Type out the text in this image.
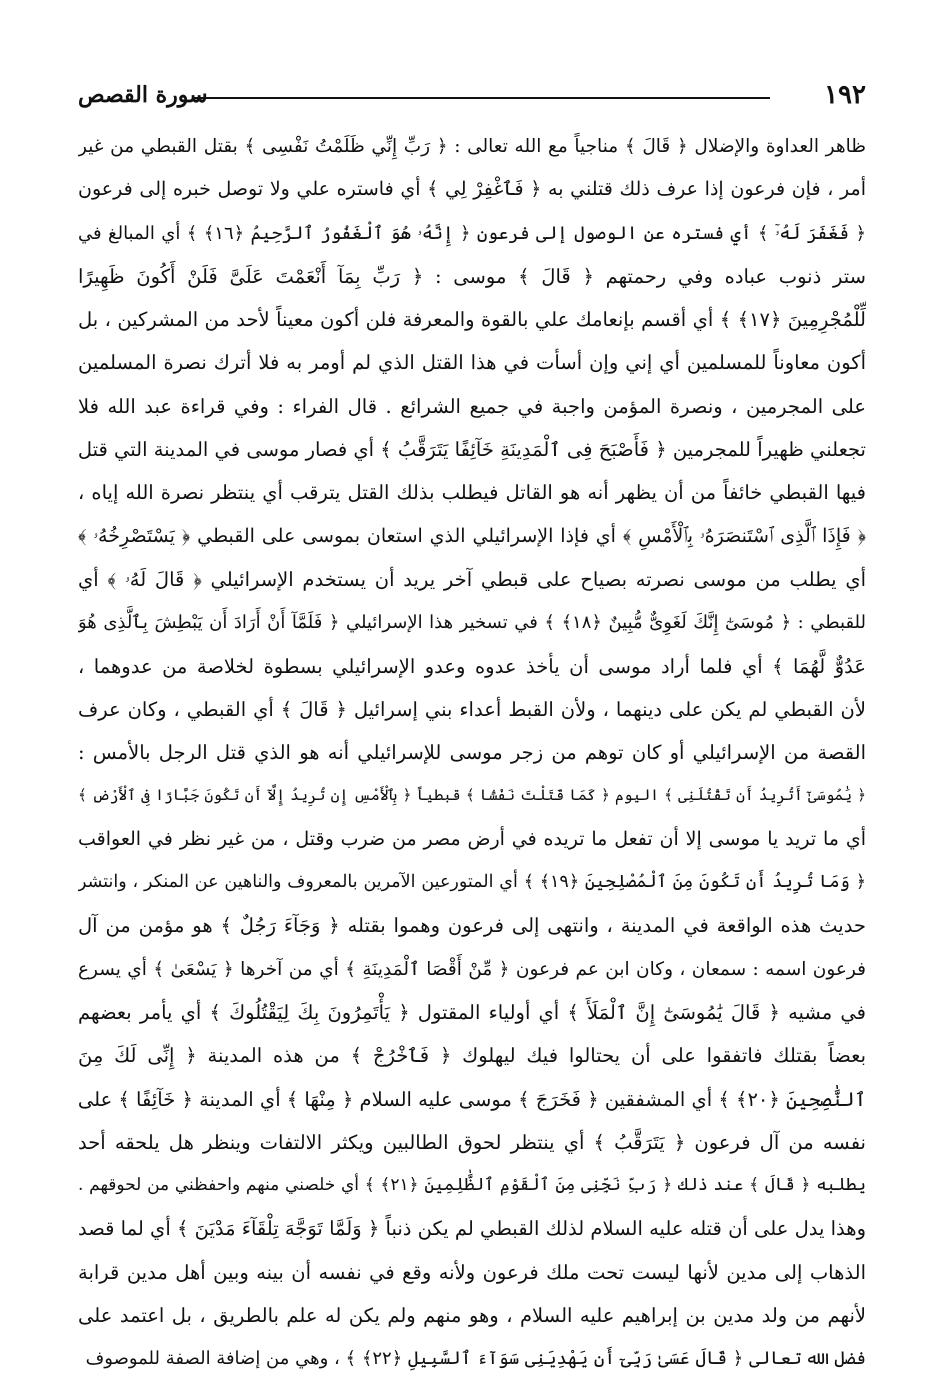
١٩٢
سورة القصص
ظاهر العداوة والإضلال ﴿ قَالَ ﴾ مناجياً مع الله تعالى : ﴿ رَبِّ إِنِّي ظَلَمْتُ نَفْسِى ﴾ بقتل القبطي من غير
أمر ، فإن فرعون إذا عرف ذلك قتلني به ﴿ فَٱغْفِرْ لِي ﴾ أي فاستره علي ولا توصل خبره إلى فرعون
﴿ فَغَفَرَ لَهُۥٓ ﴾ أي فستره عن الوصول إلى فرعون ﴿ إِنَّهُۥ هُوَ ٱلْغَفُورُ ٱلرَّحِيمُ ﴿١٦﴾ ﴾ أي المبالغ في
ستر ذنوب عباده وفي رحمتهم ﴿ قَالَ ﴾ موسى : ﴿ رَبِّ بِمَآ أَنْعَمْتَ عَلَىَّ فَلَنْ أَكُونَ ظَهِيرًا
لِّلْمُجْرِمِينَ ﴿١٧﴾ ﴾ أي أقسم بإنعامك علي بالقوة والمعرفة فلن أكون معيناً لأحد من المشركين ، بل
أكون معاوناً للمسلمين أي إني وإن أسأت في هذا القتل الذي لم أومر به فلا أترك نصرة المسلمين
على المجرمين ، ونصرة المؤمن واجبة في جميع الشرائع . قال الفراء : وفي قراءة عبد الله فلا
تجعلني ظهيراً للمجرمين ﴿ فَأَصْبَحَ فِى ٱلْمَدِينَةِ خَآئِفًا يَتَرَقَّبُ ﴾ أي فصار موسى في المدينة التي قتل
فيها القبطي خائفاً من أن يظهر أنه هو القاتل فيطلب بذلك القتل يترقب أي ينتظر نصرة الله إياه ،
﴿ فَإِذَا ٱلَّذِى ٱسْتَنصَرَهُۥ بِٱلْأَمْسِ ﴾ أي فإذا الإسرائيلي الذي استعان بموسى على القبطي ﴿ يَسْتَصْرِخُهُۥ ﴾
أي يطلب من موسى نصرته بصياح على قبطي آخر يريد أن يستخدم الإسرائيلي ﴿ قَالَ لَهُۥ ﴾ أي
للقبطي : ﴿ مُوسَىٰٓ إِنَّكَ لَغَوِىٌّ مُّبِينٌ ﴿١٨﴾ ﴾ في تسخير هذا الإسرائيلي ﴿ فَلَمَّآ أَنْ أَرَادَ أَن يَبْطِشَ بِٱلَّذِى هُوَ
عَدُوٌّ لَّهُمَا ﴾ أي فلما أراد موسى أن يأخذ عدوه وعدو الإسرائيلي بسطوة لخلاصة من عدوهما ،
لأن القبطي لم يكن على دينهما ، ولأن القبط أعداء بني إسرائيل ﴿ قَالَ ﴾ أي القبطي ، وكان عرف
القصة من الإسرائيلي أو كان توهم من زجر موسى للإسرائيلي أنه هو الذي قتل الرجل بالأمس :
﴿ يَٰمُوسَىٰٓ أَتُرِيدُ أَن تَقْتُلَنِى ﴾ اليوم ﴿ كَمَا قَتَلْتَ نَفْسًۢا ﴾ قبطياً ﴿ بِٱلْأَمْسِ إِن تُرِيدُ إِلَّآ أَن تَكُونَ جَبَّارًا فِى ٱلْأَرْضِ ﴾
أي ما تريد يا موسى إلا أن تفعل ما تريده في أرض مصر من ضرب وقتل ، من غير نظر في العواقب
﴿ وَمَا تُرِيدُ أَن تَكُونَ مِنَ ٱلْمُصْلِحِينَ ﴿١٩﴾ ﴾ أي المتورعين الآمرين بالمعروف والناهين عن المنكر ، وانتشر
حديث هذه الواقعة في المدينة ، وانتهى إلى فرعون وهموا بقتله ﴿ وَجَآءَ رَجُلٌ ﴾ هو مؤمن من آل
فرعون اسمه : سمعان ، وكان ابن عم فرعون ﴿ مِّنْ أَقْصَا ٱلْمَدِينَةِ ﴾ أي من آخرها ﴿ يَسْعَىٰ ﴾ أي يسرع
في مشيه ﴿ قَالَ يَٰمُوسَىٰٓ إِنَّ ٱلْمَلَأَ ﴾ أي أولياء المقتول ﴿ يَأْتَمِرُونَ بِكَ لِيَقْتُلُوكَ ﴾ أي يأمر بعضهم
بعضاً بقتلك فاتفقوا على أن يحتالوا فيك ليهلوك ﴿ فَٱخْرُجْ ﴾ من هذه المدينة ﴿ إِنِّى لَكَ مِنَ
ٱلنَّٰصِحِينَ ﴿٢٠﴾ ﴾ أي المشفقين ﴿ فَخَرَجَ ﴾ موسى عليه السلام ﴿ مِنْهَا ﴾ أي المدينة ﴿ خَآئِفًا ﴾ على
نفسه من آل فرعون ﴿ يَتَرَقَّبُ ﴾ أي ينتظر لحوق الطالبين ويكثر الالتفات وينظر هل يلحقه أحد
يطلبه ﴿ قَالَ ﴾ عند ذلك ﴿ رَبِّ نَجِّنِى مِنَ ٱلْقَوْمِ ٱلظَّٰلِمِينَ ﴿٢١﴾ ﴾ أي خلصني منهم واحفظني من لحوقهم .
وهذا يدل على أن قتله عليه السلام لذلك القبطي لم يكن ذنباً ﴿ وَلَمَّا تَوَجَّهَ تِلْقَآءَ مَدْيَنَ ﴾ أي لما قصد
الذهاب إلى مدين لأنها ليست تحت ملك فرعون ولأنه وقع في نفسه أن بينه وبين أهل مدين قرابة
لأنهم من ولد مدين بن إبراهيم عليه السلام ، وهو منهم ولم يكن له علم بالطريق ، بل اعتمد على
فضل الله تعالى ﴿ قَالَ عَسَىٰ رَبِّىٓ أَن يَهْدِيَنِى سَوَآءَ ٱلسَّبِيلِ ﴿٢٢﴾ ﴾ ، وهي من إضافة الصفة للموصوف
